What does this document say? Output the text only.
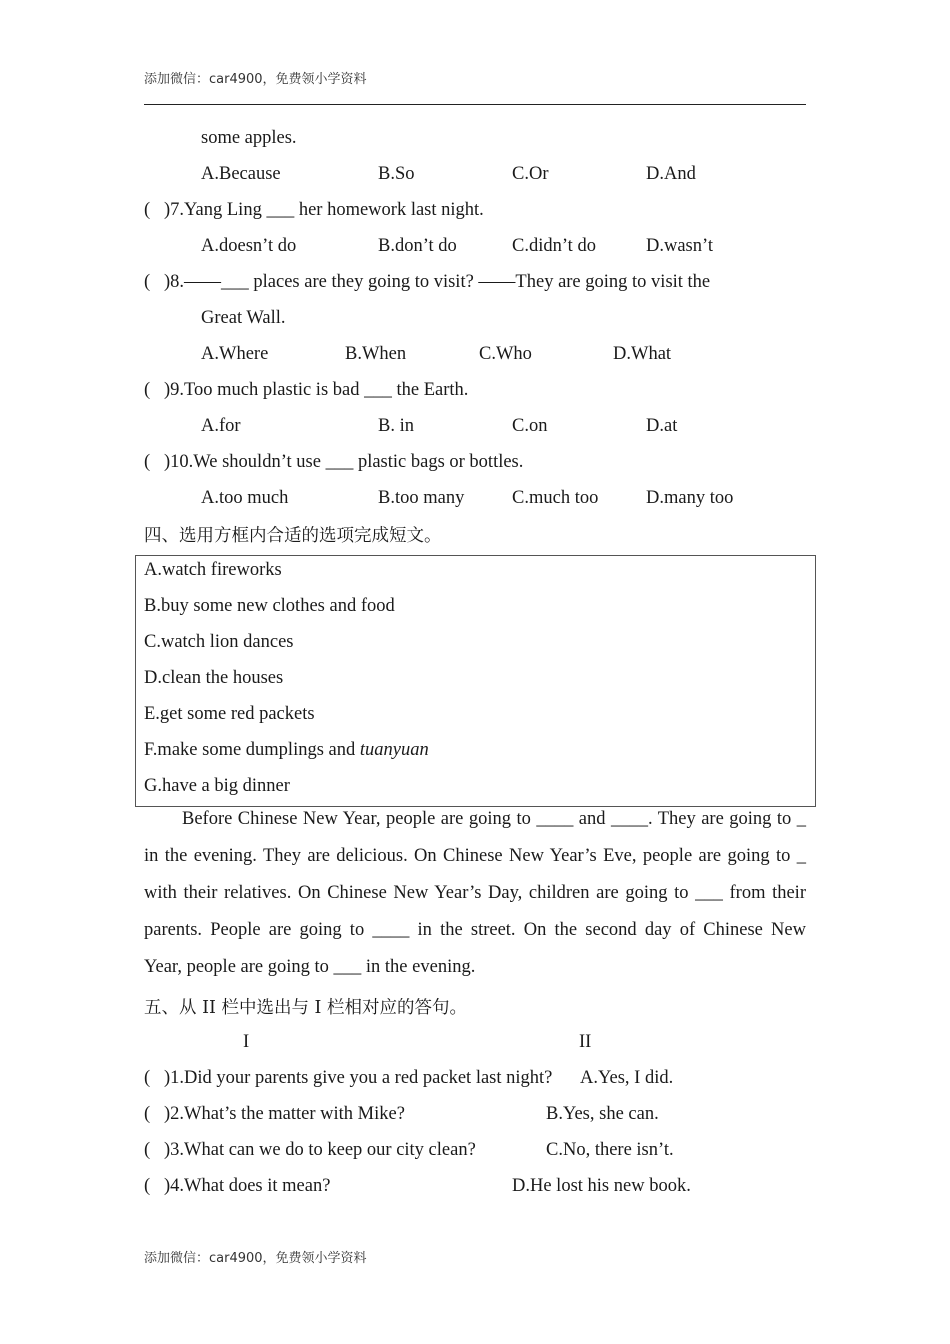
添加微信：car4900，免费领小学资料
some apples.
A.Because	B.So	C.Or	D.And
( )7.Yang Ling ___ her homework last night.
A.doesn’t do	B.don’t do	C.didn’t do	D.wasn’t
( )8.——___ places are they going to visit? ——They are going to visit the
Great Wall.
A.Where	B.When	C.Who	D.What
( )9.Too much plastic is bad ___ the Earth.
A.for	B. in	C.on	D.at
( )10.We shouldn’t use ___ plastic bags or bottles.
A.too much	B.too many	C.much too	D.many too
四、选用方框内合适的选项完成短文。
A.watch fireworks
B.buy some new clothes and food
C.watch lion dances
D.clean the houses
E.get some red packets
F.make some dumplings and tuanyuan
G.have a big dinner
Before Chinese New Year, people are going to ____ and ____. They are going to _
in the evening. They are delicious. On Chinese New Year’s Eve, people are going to _
with their relatives. On Chinese New Year’s Day, children are going to ___ from their
parents. People are going to ____ in the street. On the second day of Chinese New
Year, people are going to ___ in the evening.
五、从 II 栏中选出与 I 栏相对应的答句。
I	II
( )1.Did your parents give you a red packet last night? A.Yes, I did.
( )2.What’s the matter with Mike?	B.Yes, she can.
( )3.What can we do to keep our city clean?	C.No, there isn’t.
( )4.What does it mean?	D.He lost his new book.
添加微信：car4900，免费领小学资料
